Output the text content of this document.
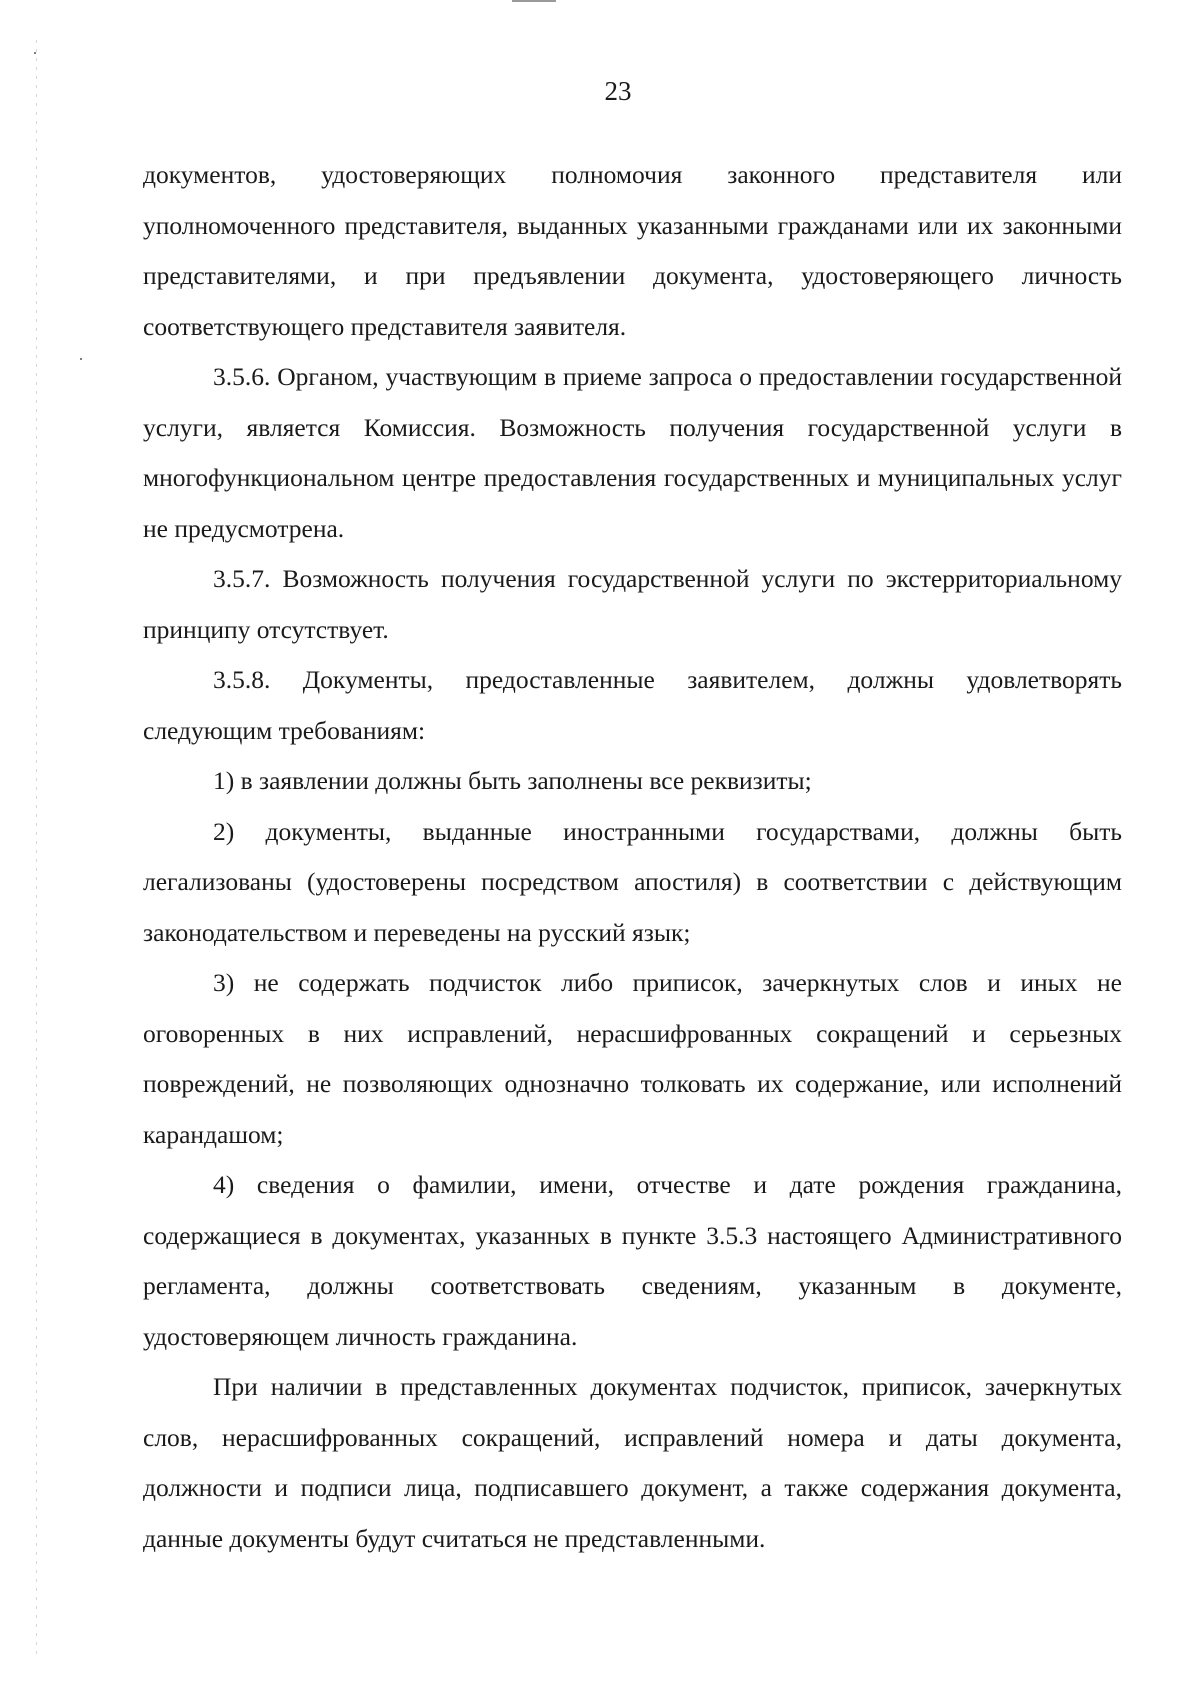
23

документов, удостоверяющих полномочия законного представителя или уполномоченного представителя, выданных указанными гражданами или их законными представителями, и при предъявлении документа, удостоверяющего личность соответствующего представителя заявителя.

3.5.6. Органом, участвующим в приеме запроса о предоставлении государственной услуги, является Комиссия. Возможность получения государственной услуги в многофункциональном центре предоставления государственных и муниципальных услуг не предусмотрена.

3.5.7. Возможность получения государственной услуги по экстерриториальному принципу отсутствует.

3.5.8. Документы, предоставленные заявителем, должны удовлетворять следующим требованиям:

1) в заявлении должны быть заполнены все реквизиты;

2) документы, выданные иностранными государствами, должны быть легализованы (удостоверены посредством апостиля) в соответствии с действующим законодательством и переведены на русский язык;

3) не содержать подчисток либо приписок, зачеркнутых слов и иных не оговоренных в них исправлений, нерасшифрованных сокращений и серьезных повреждений, не позволяющих однозначно толковать их содержание, или исполнений карандашом;

4) сведения о фамилии, имени, отчестве и дате рождения гражданина, содержащиеся в документах, указанных в пункте 3.5.3 настоящего Административного регламента, должны соответствовать сведениям, указанным в документе, удостоверяющем личность гражданина.

При наличии в представленных документах подчисток, приписок, зачеркнутых слов, нерасшифрованных сокращений, исправлений номера и даты документа, должности и подписи лица, подписавшего документ, а также содержания документа, данные документы будут считаться не представленными.
